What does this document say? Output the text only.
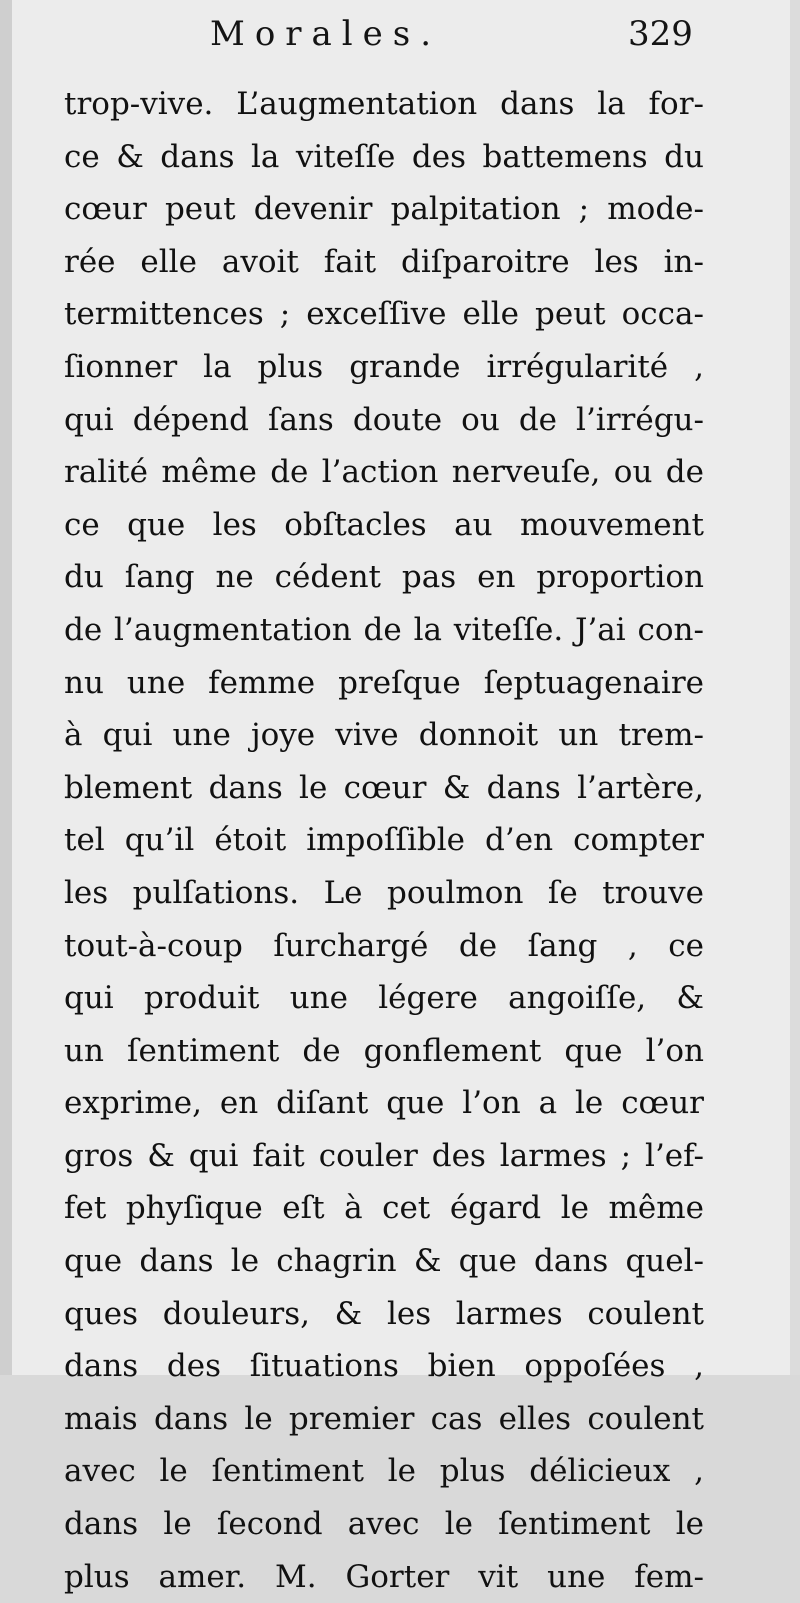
Morales.	329
trop-vive. L’augmentation dans la for-
ce & dans la viteſſe des battemens du
cœur peut devenir palpitation ; mode-
rée elle avoit fait diſparoitre les in-
termittences ; exceſſive elle peut occa-
ſionner la plus grande irrégularité ,
qui dépend ſans doute ou de l’irrégu-
ralité même de l’action nerveuſe, ou de
ce que les obſtacles au mouvement
du ſang ne cédent pas en proportion
de l’augmentation de la viteſſe. J’ai con-
nu une femme preſque ſeptuagenaire
à qui une joye vive donnoit un trem-
blement dans le cœur & dans l’artère,
tel qu’il étoit impoſſible d’en compter
les pulſations. Le poulmon ſe trouve
tout-à-coup ſurchargé de ſang , ce
qui produit une légere angoiſſe, &
un ſentiment de gonflement que l’on
exprime, en diſant que l’on a le cœur
gros & qui fait couler des larmes ; l’ef-
fet phyſique eſt à cet égard le même
que dans le chagrin & que dans quel-
ques douleurs, & les larmes coulent
dans des ſituations bien oppoſées ,
mais dans le premier cas elles coulent
avec le ſentiment le plus délicieux ,
dans le ſecond avec le ſentiment le
plus amer. M. Gorter vit une fem-
